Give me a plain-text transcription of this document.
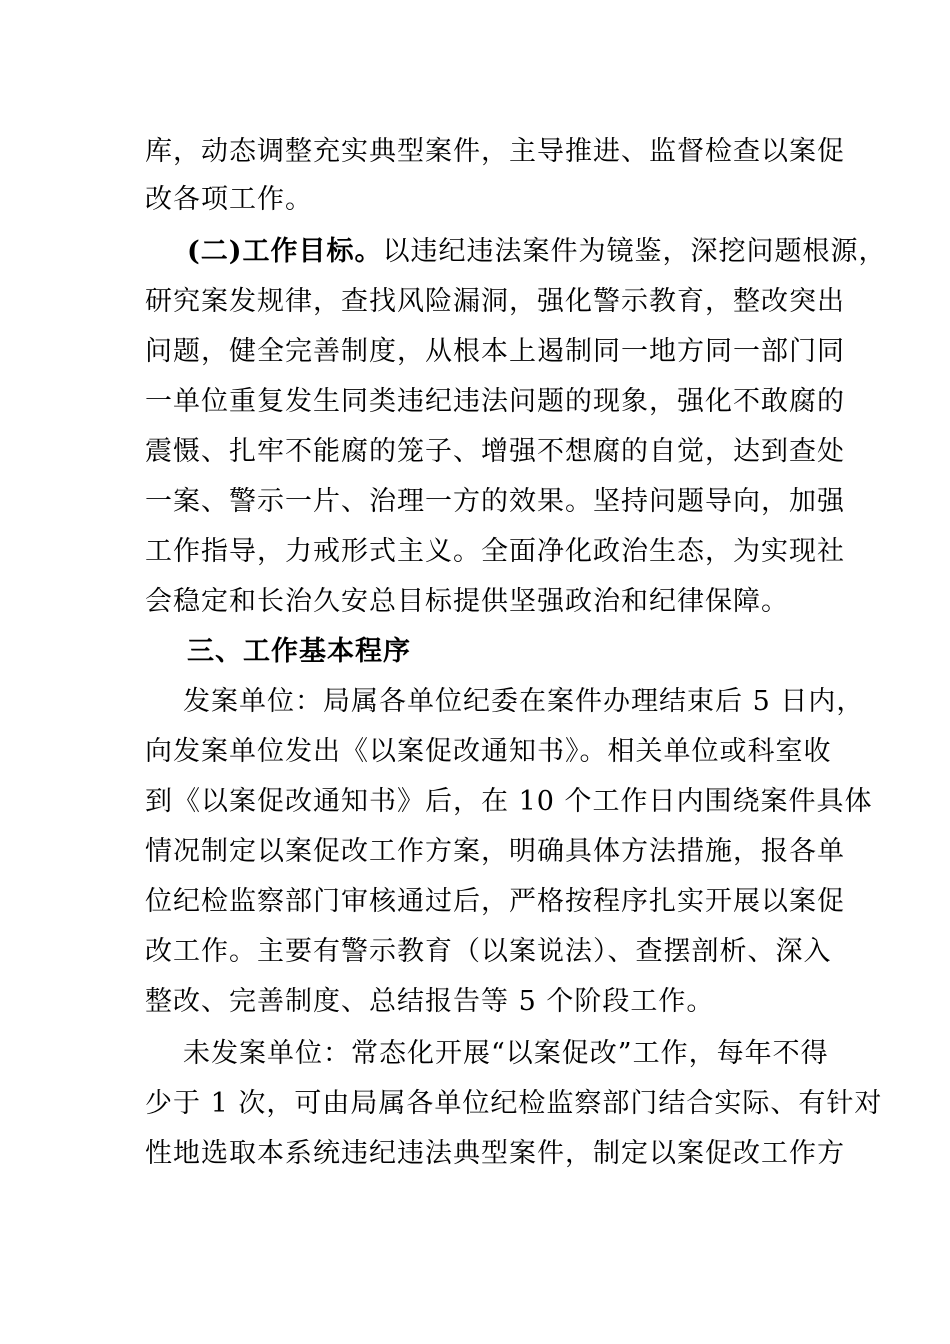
库，动态调整充实典型案件，主导推进、监督检查以案促
改各项工作。
(二)工作目标。以违纪违法案件为镜鉴，深挖问题根源，
研究案发规律，查找风险漏洞，强化警示教育，整改突出
问题，健全完善制度，从根本上遏制同一地方同一部门同
一单位重复发生同类违纪违法问题的现象，强化不敢腐的
震慑、扎牢不能腐的笼子、增强不想腐的自觉，达到查处
一案、警示一片、治理一方的效果。坚持问题导向，加强
工作指导，力戒形式主义。全面净化政治生态，为实现社
会稳定和长治久安总目标提供坚强政治和纪律保障。
三、工作基本程序
发案单位：局属各单位纪委在案件办理结束后 5 日内，
向发案单位发出《以案促改通知书》。相关单位或科室收
到《以案促改通知书》后，在 10 个工作日内围绕案件具体
情况制定以案促改工作方案，明确具体方法措施，报各单
位纪检监察部门审核通过后，严格按程序扎实开展以案促
改工作。主要有警示教育（以案说法）、查摆剖析、深入
整改、完善制度、总结报告等 5 个阶段工作。
未发案单位：常态化开展“以案促改”工作，每年不得
少于 1 次，可由局属各单位纪检监察部门结合实际、有针对
性地选取本系统违纪违法典型案件，制定以案促改工作方
